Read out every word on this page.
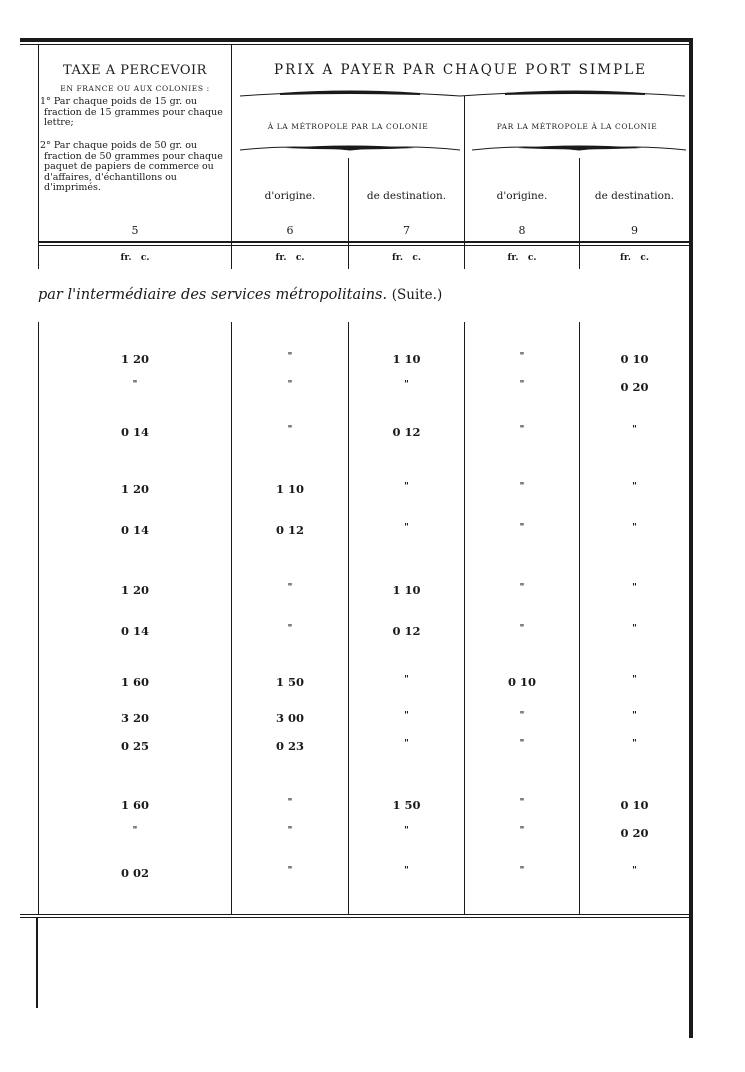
TAXE A PERCEVOIR
EN FRANCE OU AUX COLONIES :
1° Par chaque poids de 15 gr. ou fraction de 15 grammes pour chaque lettre;
2° Par chaque poids de 50 gr. ou fraction de 50 grammes pour chaque paquet de papiers de commerce ou d'affaires, d'échantillons ou d'imprimés.
PRIX A PAYER PAR CHAQUE PORT SIMPLE
À LA MÉTROPOLE PAR LA COLONIE	PAR LA MÉTROPOLE À LA COLONIE
d'origine.	de destination.	d'origine.	de destination.
5	6	7	8	9
fr.   c.	fr.   c.	fr.   c.	fr.   c.	fr.   c.
par l'intermédiaire des services métropolitains. (Suite.)
1 20	"	1 10	"	0 10
"	"	"	"	0 20
0 14	"	0 12	"	"
1 20	1 10	"	"	"
0 14	0 12	"	"	"
1 20	"	1 10	"	"
0 14	"	0 12	"	"
1 60	1 50	"	0 10	"
3 20	3 00	"	"	"
0 25	0 23	"	"	"
1 60	"	1 50	"	0 10
"	"	"	"	0 20
0 02	"	"	"	"
